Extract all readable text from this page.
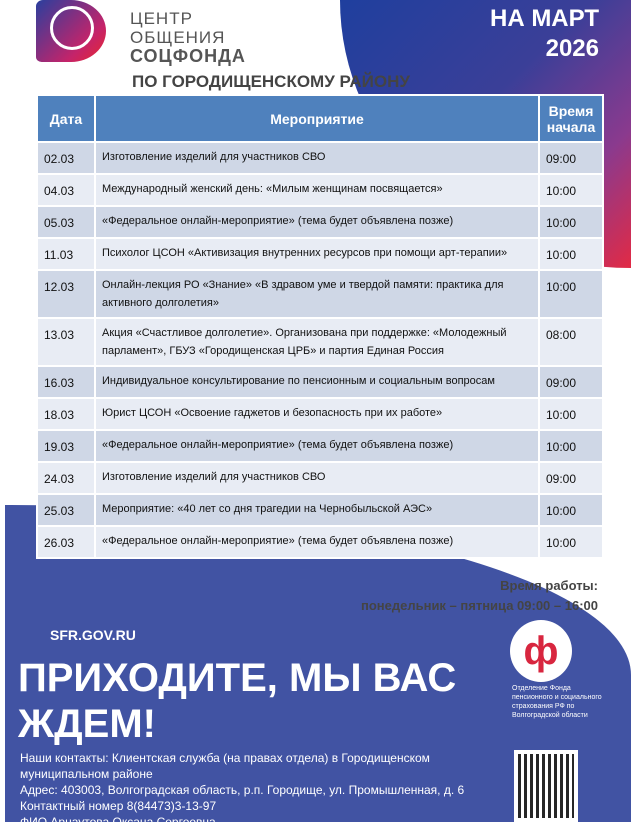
ЦЕНТР
ОБЩЕНИЯ
СОЦФОНДА
ПО ГОРОДИЩЕНСКОМУ РАЙОНУ
НА МАРТ
2026
Дата	Мероприятие	Время начала
02.03	Изготовление изделий для участников СВО	09:00
04.03	Международный женский день: «Милым женщинам посвящается»	10:00
05.03	«Федеральное онлайн-мероприятие» (тема будет объявлена позже)	10:00
11.03	Психолог ЦСОН «Активизация внутренних ресурсов при помощи арт-терапии»	10:00
12.03	Онлайн-лекция РО «Знание» «В здравом уме и твердой памяти: практика для активного долголетия»	10:00
13.03	Акция «Счастливое долголетие». Организована при поддержке: «Молодежный парламент», ГБУЗ «Городищенская ЦРБ» и партия Единая Россия	08:00
16.03	Индивидуальное консультирование по пенсионным и социальным вопросам	09:00
18.03	Юрист ЦСОН «Освоение гаджетов и безопасность при их работе»	10:00
19.03	«Федеральное онлайн-мероприятие» (тема будет объявлена позже)	10:00
24.03	Изготовление изделий для участников СВО	09:00
25.03	Мероприятие: «40 лет со дня трагедии на Чернобыльской АЭС»	10:00
26.03	«Федеральное онлайн-мероприятие» (тема будет объявлена позже)	10:00
Время работы:
понедельник – пятница 09:00 – 16:00
SFR.GOV.RU
ПРИХОДИТЕ, МЫ ВАС
ЖДЕМ!
ф
Отделение Фонда пенсионного и социального страхования РФ по Волгоградской области
Наши контакты: Клиентская служба (на правах отдела) в Городищенском
муниципальном районе
Адрес: 403003, Волгоградская область, р.п. Городище, ул. Промышленная, д. 6
Контактный номер 8(84473)3-13-97
ФИО Арнаутова Оксана Сергеевна
